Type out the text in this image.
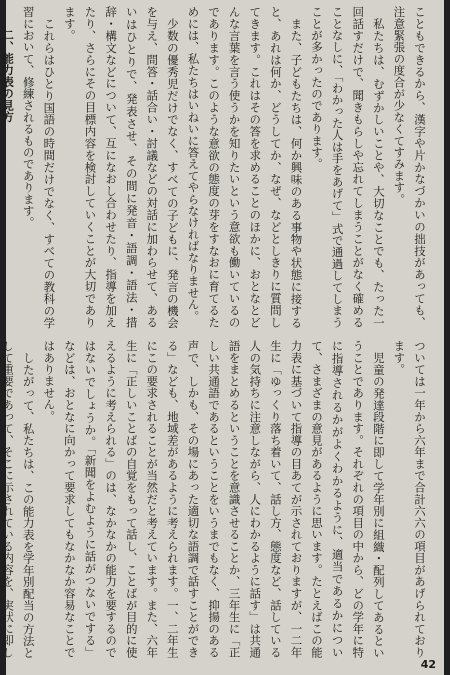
こともできるから、漢字や片かなづかいの拙技があっても、注意緊張の度合が少なくてすみます。

私たちは、むずかしいことや、大切なことでも、たった一回話すだけで、聞きもらしや忘れてしまうことがなく確めることなしに、「わかった人は手をあげて」式で通過してしまうことが多かったのであります。

また、子どもたちは、何か興味のある事物や状態に接すると、あれは何か、どうしてか、なぜ、などとしきりに質問してきます。これはその答を求めることのほかに、おとなとどんな言葉を言う使うかを知りたいという意欲も働いているのであります。このような意欲の態度の芽をすなおに育てるためには、私たちはいねいに答えてやらなければなりません。

少数の優秀児だけでなく、すべての子どもに、発言の機会を与え、問答・話合い・討議などの対話に加わらせて、あるいはひとりで、発表させ、その間に発音・語調・語法・措辞・構文などについて、互になおし合わせたり、指導を加えたり、さらにその目標内容を検討していくことが大切であります。

これらはひとり国語の時間だけでなく、すべての教科の学習において、修練されるものであります。

二、能力表の見方

ついては一年から六年まで合計六六の項目があげられております。

児童の発達段階に即して学年別に組織・配列してあるということであります。それぞれの項目の中から、どの学年に特に指導されるかがよくわかるように、適当であるかについて、さまざまの意見があるように思います。たとえばこの能力表に基づいて指導の目あてが示されておりますが、一二年生に「ゆっくり落ち着いて、話し方、態度など、話している人の気持ちに注意しながら、人にわかるように話す」は共通語をまとめるということを意識させることか、三年生に「正しい共通語であるということをいうまでもなく、抑揚のある声で、しかも、その場にあった適切な語調で話すことができる」なども、地域差があるように考えられます。一、二年生にこの要求されることが当然だと考えています。また、六年生に「正しいことばの自覚をもって話し、ことばが目的に使えるように考えられる」のは、なかなかの能力を要するのではないでしょうか。「新聞をよむように話がつないでする」などは、おとなに向かって要求してもなかなか容易なことではありません。

したがって、私たちは、この能力表を学年別配当の方法として重要であって、そこに示されている内容を、実状に即し

42
